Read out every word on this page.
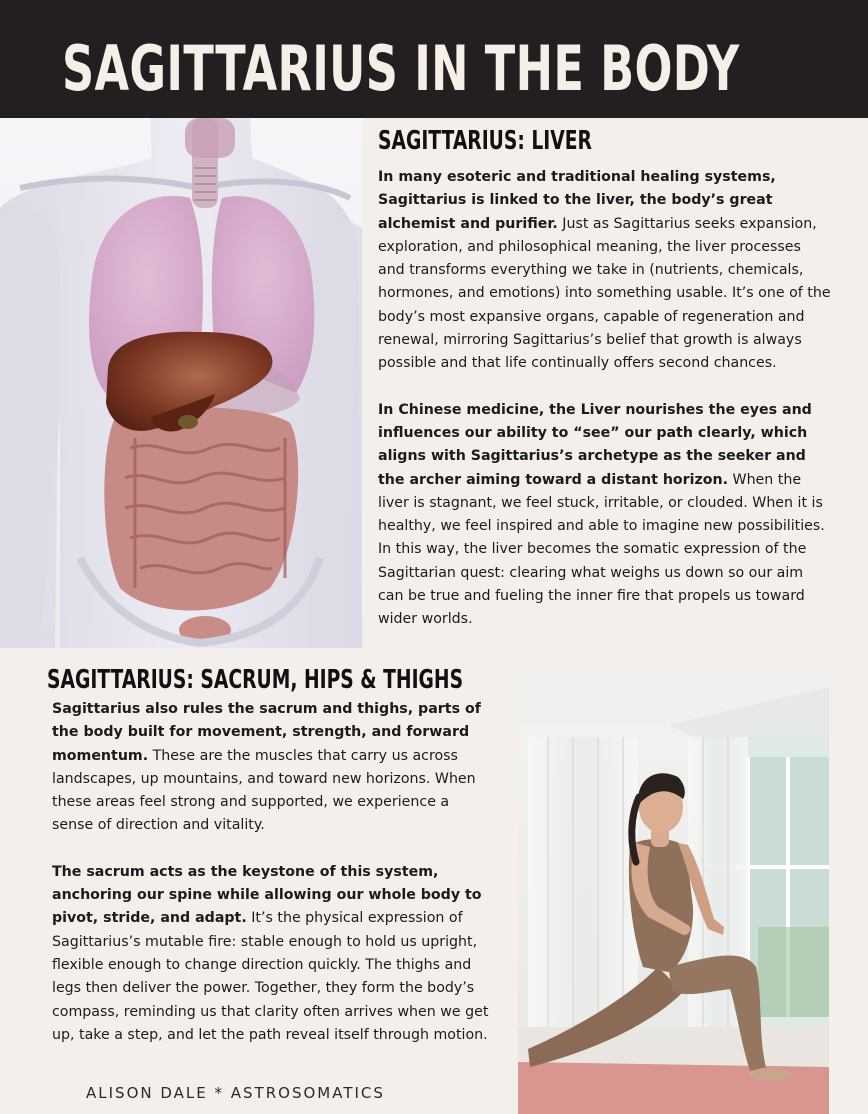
SAGITTARIUS IN THE BODY
SAGITTARIUS: LIVER

In many esoteric and traditional healing systems, Sagittarius is linked to the liver, the body’s great alchemist and purifier. Just as Sagittarius seeks expansion, exploration, and philosophical meaning, the liver processes and transforms everything we take in (nutrients, chemicals, hormones, and emotions) into something usable. It’s one of the body’s most expansive organs, capable of regeneration and renewal, mirroring Sagittarius’s belief that growth is always possible and that life continually offers second chances.

In Chinese medicine, the Liver nourishes the eyes and influences our ability to “see” our path clearly, which aligns with Sagittarius’s archetype as the seeker and the archer aiming toward a distant horizon. When the liver is stagnant, we feel stuck, irritable, or clouded. When it is healthy, we feel inspired and able to imagine new possibilities. In this way, the liver becomes the somatic expression of the Sagittarian quest: clearing what weighs us down so our aim can be true and fueling the inner fire that propels us toward wider worlds.

SAGITTARIUS: SACRUM, HIPS & THIGHS

Sagittarius also rules the sacrum and thighs, parts of the body built for movement, strength, and forward momentum. These are the muscles that carry us across landscapes, up mountains, and toward new horizons. When these areas feel strong and supported, we experience a sense of direction and vitality.

The sacrum acts as the keystone of this system, anchoring our spine while allowing our whole body to pivot, stride, and adapt. It’s the physical expression of Sagittarius’s mutable fire: stable enough to hold us upright, flexible enough to change direction quickly. The thighs and legs then deliver the power. Together, they form the body’s compass, reminding us that clarity often arrives when we get up, take a step, and let the path reveal itself through motion.

ALISON DALE * ASTROSOMATICS
